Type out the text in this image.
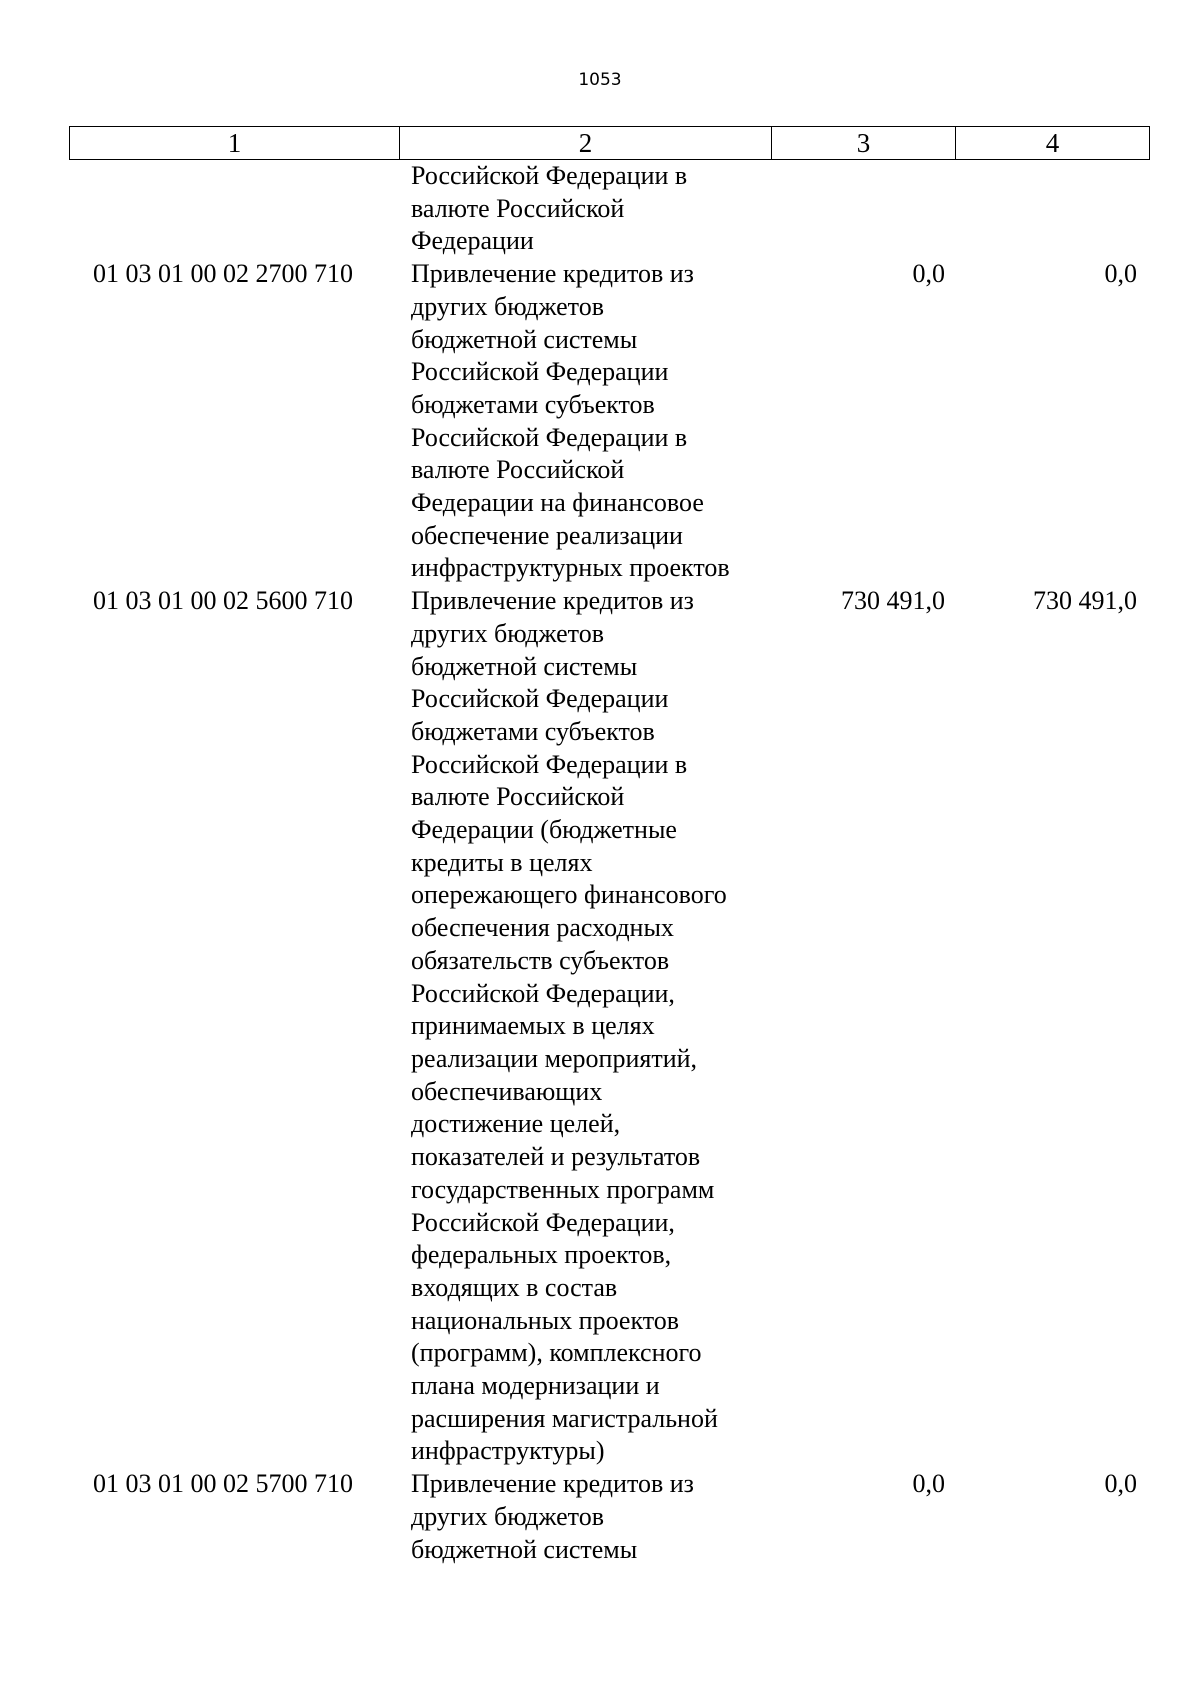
1053
1	2	3	4
Российской Федерации в
валюте Российской
Федерации
01 03 01 00 02 2700 710	Привлечение кредитов из
других бюджетов
бюджетной системы
Российской Федерации
бюджетами субъектов
Российской Федерации в
валюте Российской
Федерации на финансовое
обеспечение реализации
инфраструктурных проектов
0,0	0,0
01 03 01 00 02 5600 710	Привлечение кредитов из
других бюджетов
бюджетной системы
Российской Федерации
бюджетами субъектов
Российской Федерации в
валюте Российской
Федерации (бюджетные
кредиты в целях
опережающего финансового
обеспечения расходных
обязательств субъектов
Российской Федерации,
принимаемых в целях
реализации мероприятий,
обеспечивающих
достижение целей,
показателей и результатов
государственных программ
Российской Федерации,
федеральных проектов,
входящих в состав
национальных проектов
(программ), комплексного
плана модернизации и
расширения магистральной
инфраструктуры)
730 491,0	730 491,0
01 03 01 00 02 5700 710	Привлечение кредитов из
других бюджетов
бюджетной системы
0,0	0,0
